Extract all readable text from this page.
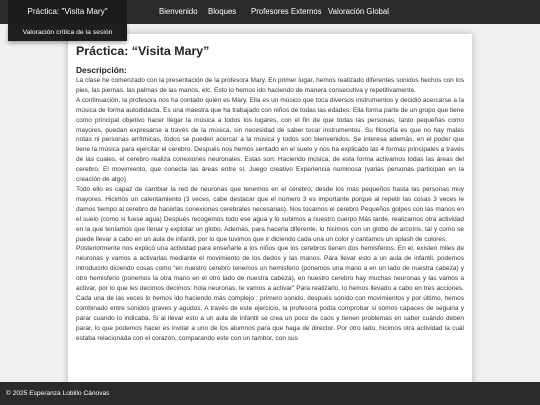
Práctica: "Visita Mary"	Bienvenido Bloques Profesores Externos Valoración Global
Valoración crítica de la sesión
Práctica: “Visita Mary”
Descripción:

La clase he comenzado con la presentación de la profesora Mary. En primer lugar, hemos realizado diferentes sonidos hechos con los pies, las piernas, las palmas de las manos, etc. Esto lo hemos ido haciendo de manera consecutiva y repetitivamente.

A continuación, la profesora nos ha contado quién es Mary. Ella es un músico que toca diversos instrumentos y decidió acercarse a la música de forma autodidacta. Es una maestra que ha trabajado con niños de todas las edades. Ella forma parte de un grupo que tiene como principal objetivo hacer llegar la música a todos los lugares, con el fin de que todas las personas, tanto pequeñas como mayores, puedan expresarse a través de la música, sin necesidad de saber tocar instrumentos. Su filosofía es que no hay malas notas ni personas arrítmicas, todos se pueden acercar a la música y todos son bienvenidos. Se interesa además, en el poder que tiene la música para ejercitar el cerebro. Después nos hemos sentado en el suelo y nos ha explicado las 4 formas principales a través de las cuales, el cerebro realiza conexiones neuronales. Estas son: Haciendo música, de esta forma activamos todas las áreas del cerebro. El movimiento, que conecta las áreas entre sí. Juego creativo Experiencia numinosa (varias personas participan en la creación de algo)

Todo ello es capaz de cambiar la red de neuronas que tenemos en el cerebro, desde los más pequeños hasta las personas muy mayores. Hicimos un calentamiento (3 veces, cabe destacar que el número 3 es importante porque al repetir las cosas 3 veces le damos tiempo al cerebro de hacerlas conexiones cerebrales necesarias). Nos tocamos el cerebro Pequeños golpes con las manos en el suelo (como si fuese agua) Después recogemos todo ese agua y lo subimos a nuestro cuerpo Más tarde, realizamos otra actividad en la que teníamos que llenar y explotar un globo. Además, para hacerla diferente, lo hicimos con un globo de arcoíris, tal y como se puede llevar a cabo en un aula de infantil, por lo que tuvimos que ir diciendo cada una un color y cantamos un splash de colores.

Posteriormente nos explicó una actividad para enseñarle a los niños que los cerebros tienen dos hemisferios. En el, existen miles de neuronas y vamos a activarlas mediante el movimiento de los dedos y las manos. Para llevar esto a un aula de infantil, podemos introducirlo diciendo cosas como “en nuestro cerebro tenemos un hemisferio (ponemos una mano a en un lado de nuestra cabeza) y otro hemisferio (ponemos la otra mano en el otro lado de nuestra cabeza), en nuestro cerebro hay muchas neuronas y las vamos a activar, por lo que les decimos decimos: hola neuronas, te vamos a activar” Para realizarlo, lo hemos llevado a cabo en tres acciones. Cada una de las veces lo hemos ido haciendo más complejo : primero sonido, después sonido con movimientos y por último, hemos combinado entre sonidos graves y agudos. A través de este ejercicio, la profesora podía comprobar si somos capaces de seguirla y parar cuando lo indicaba. Si al llevar esto a un aula de infantil se crea un poco de caos y tienen problemas en saber cuándo deben parar, lo que podemos hacer es invitar a uno de los alumnos para que haga de director. Por otro lado, hicimos otra actividad la cuál estaba relacionada con el corazón, comparando este con un tambor, con sus

© 2025 Esperanza Lobillo Cánovas
